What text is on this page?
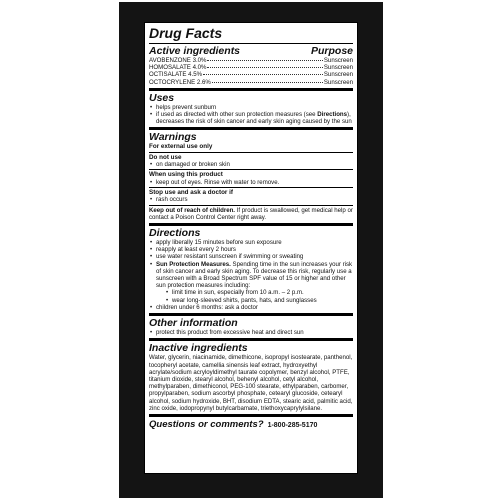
Drug Facts
Active ingredients	Purpose
AVOBENZONE 3.0%	Sunscreen
HOMOSALATE 4.0%	Sunscreen
OCTISALATE 4.5%	Sunscreen
OCTOCRYLENE 2.6%	Sunscreen
Uses
• helps prevent sunburn
• if used as directed with other sun protection measures (see Directions), decreases the risk of skin cancer and early skin aging caused by the sun
Warnings
For external use only
Do not use
• on damaged or broken skin
When using this product
• keep out of eyes. Rinse with water to remove.
Stop use and ask a doctor if
• rash occurs
Keep out of reach of children. If product is swallowed, get medical help or contact a Poison Control Center right away.
Directions
• apply liberally 15 minutes before sun exposure
• reapply at least every 2 hours
• use water resistant sunscreen if swimming or sweating
• Sun Protection Measures. Spending time in the sun increases your risk of skin cancer and early skin aging. To decrease this risk, regularly use a sunscreen with a Broad Spectrum SPF value of 15 or higher and other sun protection measures including:
• limit time in sun, especially from 10 a.m. – 2 p.m.
• wear long-sleeved shirts, pants, hats, and sunglasses
• children under 6 months: ask a doctor
Other information
• protect this product from excessive heat and direct sun
Inactive ingredients
Water, glycerin, niacinamide, dimethicone, isopropyl isostearate, panthenol, tocopheryl acetate, camellia sinensis leaf extract, hydroxyethyl acrylate/sodium acryloyldimethyl taurate copolymer, benzyl alcohol, PTFE, titanium dioxide, stearyl alcohol, behenyl alcohol, cetyl alcohol, methylparaben, dimethiconol, PEG-100 stearate, ethylparaben, carbomer, propylparaben, sodium ascorbyl phosphate, cetearyl glucoside, cetearyl alcohol, sodium hydroxide, BHT, disodium EDTA, stearic acid, palmitic acid, zinc oxide, iodopropynyl butylcarbamate, triethoxycaprylylsilane.
Questions or comments? 1-800-285-5170
